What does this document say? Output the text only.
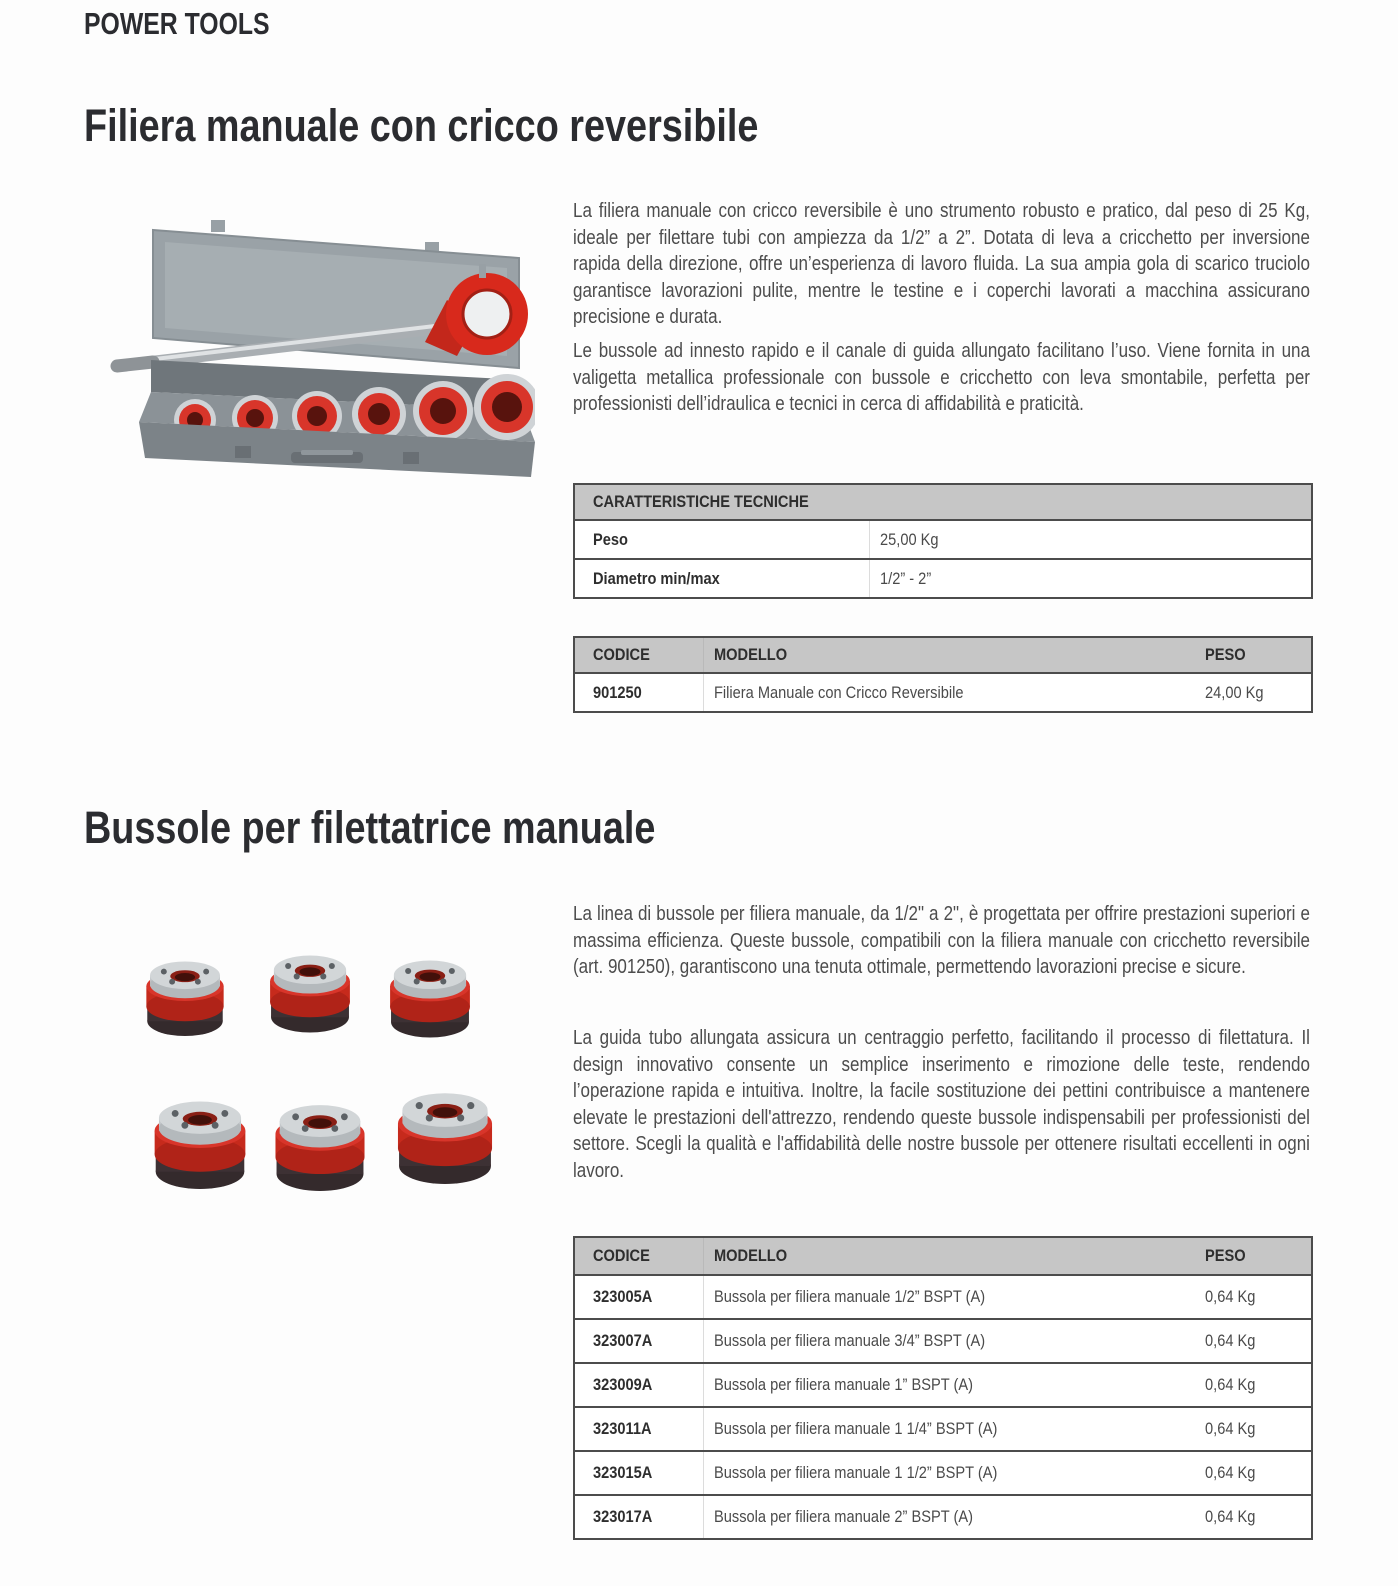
POWER TOOLS
Filiera manuale con cricco reversibile
La filiera manuale con cricco reversibile è uno strumento robusto e pratico, dal peso di 25 Kg, ideale per filettare tubi con ampiezza da 1/2” a 2”. Dotata di leva a cricchetto per inversione rapida della direzione, offre un’esperienza di lavoro fluida. La sua ampia gola di scarico truciolo garantisce lavorazioni pulite, mentre le testine e i coperchi lavorati a macchina assicurano precisione e durata.
Le bussole ad innesto rapido e il canale di guida allungato facilitano l’uso. Viene fornita in una valigetta metallica professionale con bussole e cricchetto con leva smontabile, perfetta per professionisti dell’idraulica e tecnici in cerca di affidabilità e praticità.
CARATTERISTICHE TECNICHE
Peso	25,00 Kg
Diametro min/max	1/2” - 2”
CODICE	MODELLO	PESO
901250	Filiera Manuale con Cricco Reversibile	24,00 Kg
Bussole per filettatrice manuale
La linea di bussole per filiera manuale, da 1/2" a 2", è progettata per offrire prestazioni superiori e massima efficienza. Queste bussole, compatibili con la filiera manuale con cricchetto reversibile (art. 901250), garantiscono una tenuta ottimale, permettendo lavorazioni precise e sicure.
La guida tubo allungata assicura un centraggio perfetto, facilitando il processo di filettatura. Il design innovativo consente un semplice inserimento e rimozione delle teste, rendendo l’operazione rapida e intuitiva. Inoltre, la facile sostituzione dei pettini contribuisce a mantenere elevate le prestazioni dell'attrezzo, rendendo queste bussole indispensabili per professionisti del settore. Scegli la qualità e l'affidabilità delle nostre bussole per ottenere risultati eccellenti in ogni lavoro.
CODICE	MODELLO	PESO
323005A	Bussola per filiera manuale 1/2” BSPT (A)	0,64 Kg
323007A	Bussola per filiera manuale 3/4” BSPT (A)	0,64 Kg
323009A	Bussola per filiera manuale 1” BSPT (A)	0,64 Kg
323011A	Bussola per filiera manuale 1 1/4” BSPT (A)	0,64 Kg
323015A	Bussola per filiera manuale 1 1/2” BSPT (A)	0,64 Kg
323017A	Bussola per filiera manuale 2” BSPT (A)	0,64 Kg
